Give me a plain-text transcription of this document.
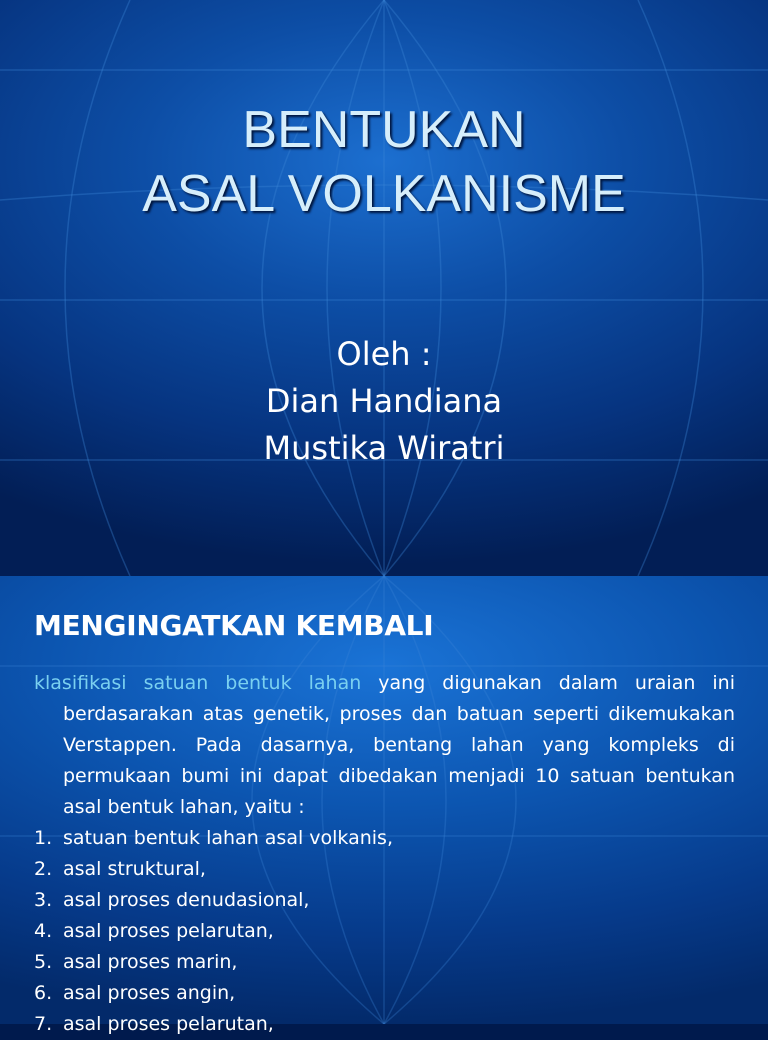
BENTUKAN
ASAL VOLKANISME
Oleh :
Dian Handiana
Mustika Wiratri
MENGINGATKAN KEMBALI
klasifikasi satuan bentuk lahan yang digunakan dalam uraian ini berdasarakan atas genetik, proses dan batuan seperti dikemukakan Verstappen. Pada dasarnya, bentang lahan yang kompleks di permukaan bumi ini dapat dibedakan menjadi 10 satuan bentukan asal bentuk lahan, yaitu :
1. satuan bentuk lahan asal volkanis,
2. asal struktural,
3. asal proses denudasional,
4. asal proses pelarutan,
5. asal proses marin,
6. asal proses angin,
7. asal proses pelarutan,
